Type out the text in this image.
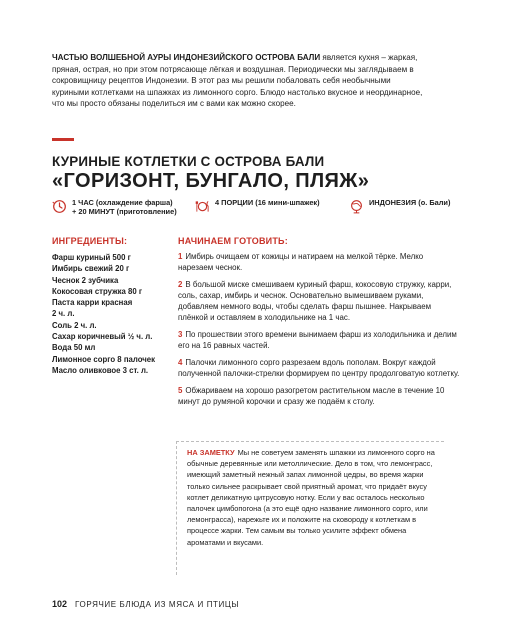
ЧАСТЬЮ ВОЛШЕБНОЙ АУРЫ ИНДОНЕЗИЙСКОГО ОСТРОВА БАЛИ является кухня – жаркая, пряная, острая, но при этом потрясающе лёгкая и воздушная. Периодически мы заглядываем в сокровищницу рецептов Индонезии. В этот раз мы решили побаловать себя необычными куриными котлетками на шпажках из лимонного сорго. Блюдо настолько вкусное и неординарное, что мы просто обязаны поделиться им с вами как можно скорее.
КУРИНЫЕ КОТЛЕТКИ С ОСТРОВА БАЛИ
«ГОРИЗОНТ, БУНГАЛО, ПЛЯЖ»
1 ЧАС (охлаждение фарша)
+ 20 МИНУТ (приготовление)
4 ПОРЦИИ (16 мини-шпажек)	ИНДОНЕЗИЯ (о. Бали)
ИНГРЕДИЕНТЫ:
Фарш куриный 500 г
Имбирь свежий 20 г
Чеснок 2 зубчика
Кокосовая стружка 80 г
Паста карри красная
2 ч. л.
Соль 2 ч. л.
Сахар коричневый ½ ч. л.
Вода 50 мл
Лимонное сорго 8 палочек
Масло оливковое 3 ст. л.
НАЧИНАЕМ ГОТОВИТЬ:

1 Имбирь очищаем от кожицы и натираем на мелкой тёрке. Мелко нарезаем чеснок.

2 В большой миске смешиваем куриный фарш, кокосовую стружку, карри, соль, сахар, имбирь и чеснок. Основательно вымешиваем руками, добавляем немного воды, чтобы сделать фарш пышнее. Накрываем плёнкой и оставляем в холодильнике на 1 час.

3 По прошествии этого времени вынимаем фарш из холодильника и делим его на 16 равных частей.

4 Палочки лимонного сорго разрезаем вдоль пополам. Вокруг каждой полученной палочки-стрелки формируем по центру продолговатую котлетку.

5 Обжариваем на хорошо разогретом растительном масле в течение 10 минут до румяной корочки и сразу же подаём к столу.

НА ЗАМЕТКУ Мы не советуем заменять шпажки из лимонного сорго на обычные деревянные или метоллические. Дело в том, что лемонграсс, имеющий заметный нежный запах лимонной цедры, во время жарки только сильнее раскрывает свой приятный аромат, что придаёт вкусу котлет деликатную цитрусовую нотку. Если у вас осталось несколько палочек цимбопогона (а это ещё одно название лимонного сорго, или лемонграсса), нарежьте их и положите на сковороду к котлеткам в процессе жарки. Тем самым вы только усилите эффект обмена ароматами и вкусами.
102 ГОРЯЧИЕ БЛЮДА ИЗ МЯСА И ПТИЦЫ
